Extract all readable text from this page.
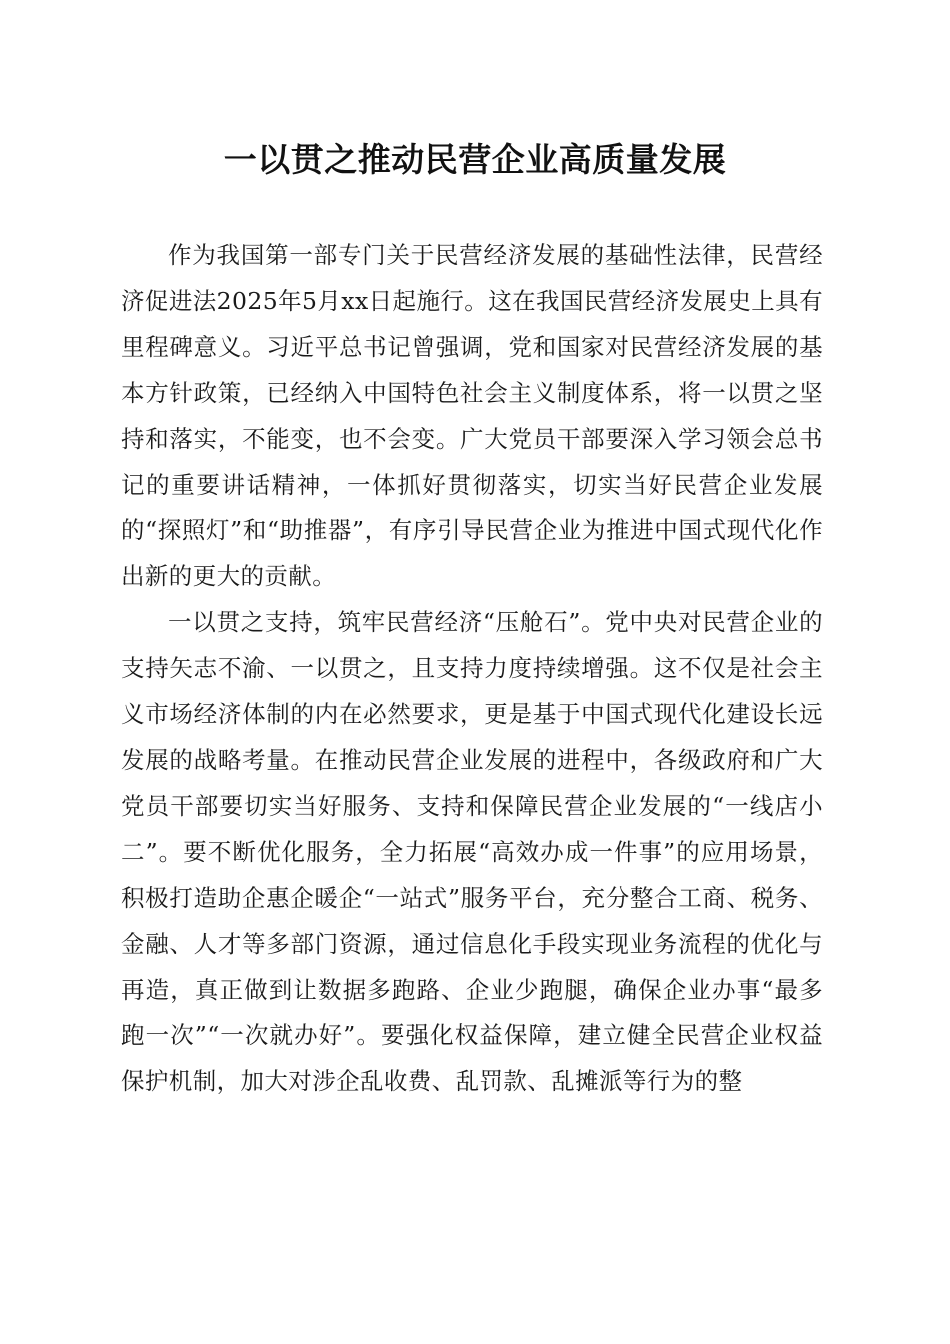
一以贯之推动民营企业高质量发展

作为我国第一部专门关于民营经济发展的基础性法律，民营经济促进法2025年5月xx日起施行。这在我国民营经济发展史上具有里程碑意义。习近平总书记曾强调，党和国家对民营经济发展的基本方针政策，已经纳入中国特色社会主义制度体系，将一以贯之坚持和落实，不能变，也不会变。广大党员干部要深入学习领会总书记的重要讲话精神，一体抓好贯彻落实，切实当好民营企业发展的“探照灯”和“助推器”，有序引导民营企业为推进中国式现代化作出新的更大的贡献。

一以贯之支持，筑牢民营经济“压舱石”。党中央对民营企业的支持矢志不渝、一以贯之，且支持力度持续增强。这不仅是社会主义市场经济体制的内在必然要求，更是基于中国式现代化建设长远发展的战略考量。在推动民营企业发展的进程中，各级政府和广大党员干部要切实当好服务、支持和保障民营企业发展的“一线店小二”。要不断优化服务，全力拓展“高效办成一件事”的应用场景，积极打造助企惠企暖企“一站式”服务平台，充分整合工商、税务、金融、人才等多部门资源，通过信息化手段实现业务流程的优化与再造，真正做到让数据多跑路、企业少跑腿，确保企业办事“最多跑一次”“一次就办好”。要强化权益保障，建立健全民营企业权益保护机制，加大对涉企乱收费、乱罚款、乱摊派等行为的整
